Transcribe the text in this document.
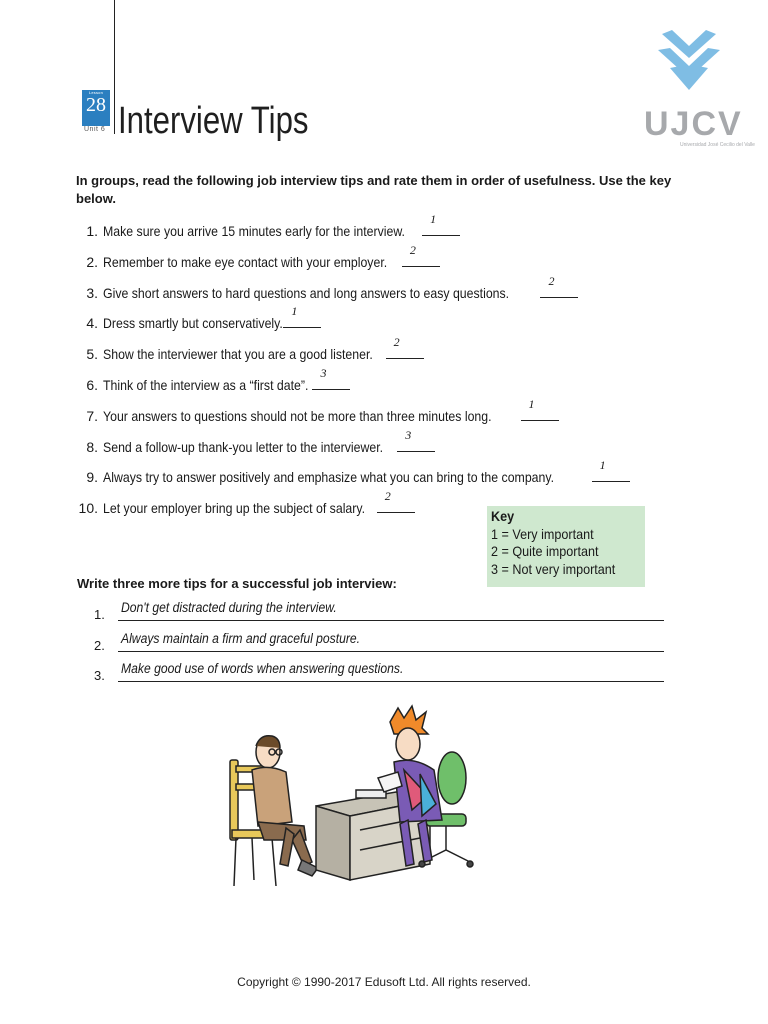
Lesson
28
Unit 6 Interview Tips	UJCV
Universidad José Cecilio del Valle
In groups, read the following job interview tips and rate them in order of usefulness. Use the key below.
1. Make sure you arrive 15 minutes early for the interview.
1
2. Remember to make eye contact with your employer.
2
3. Give short answers to hard questions and long answers to easy questions.
2
4. Dress smartly but conservatively.
1
5. Show the interviewer that you are a good listener.
2
6. Think of the interview as a “first date”.
3
7. Your answers to questions should not be more than three minutes long.
1
8. Send a follow-up thank-you letter to the interviewer.
3
9. Always try to answer positively and emphasize what you can bring to the company.
1
10. Let your employer bring up the subject of salary.
2
Key
1 = Very important
2 = Quite important
3 = Not very important
Write three more tips for a successful job interview:
1. Don't get distracted during the interview.
2. Always maintain a firm and graceful posture.
3. Make good use of words when answering questions.
Copyright © 1990-2017 Edusoft Ltd. All rights reserved.
